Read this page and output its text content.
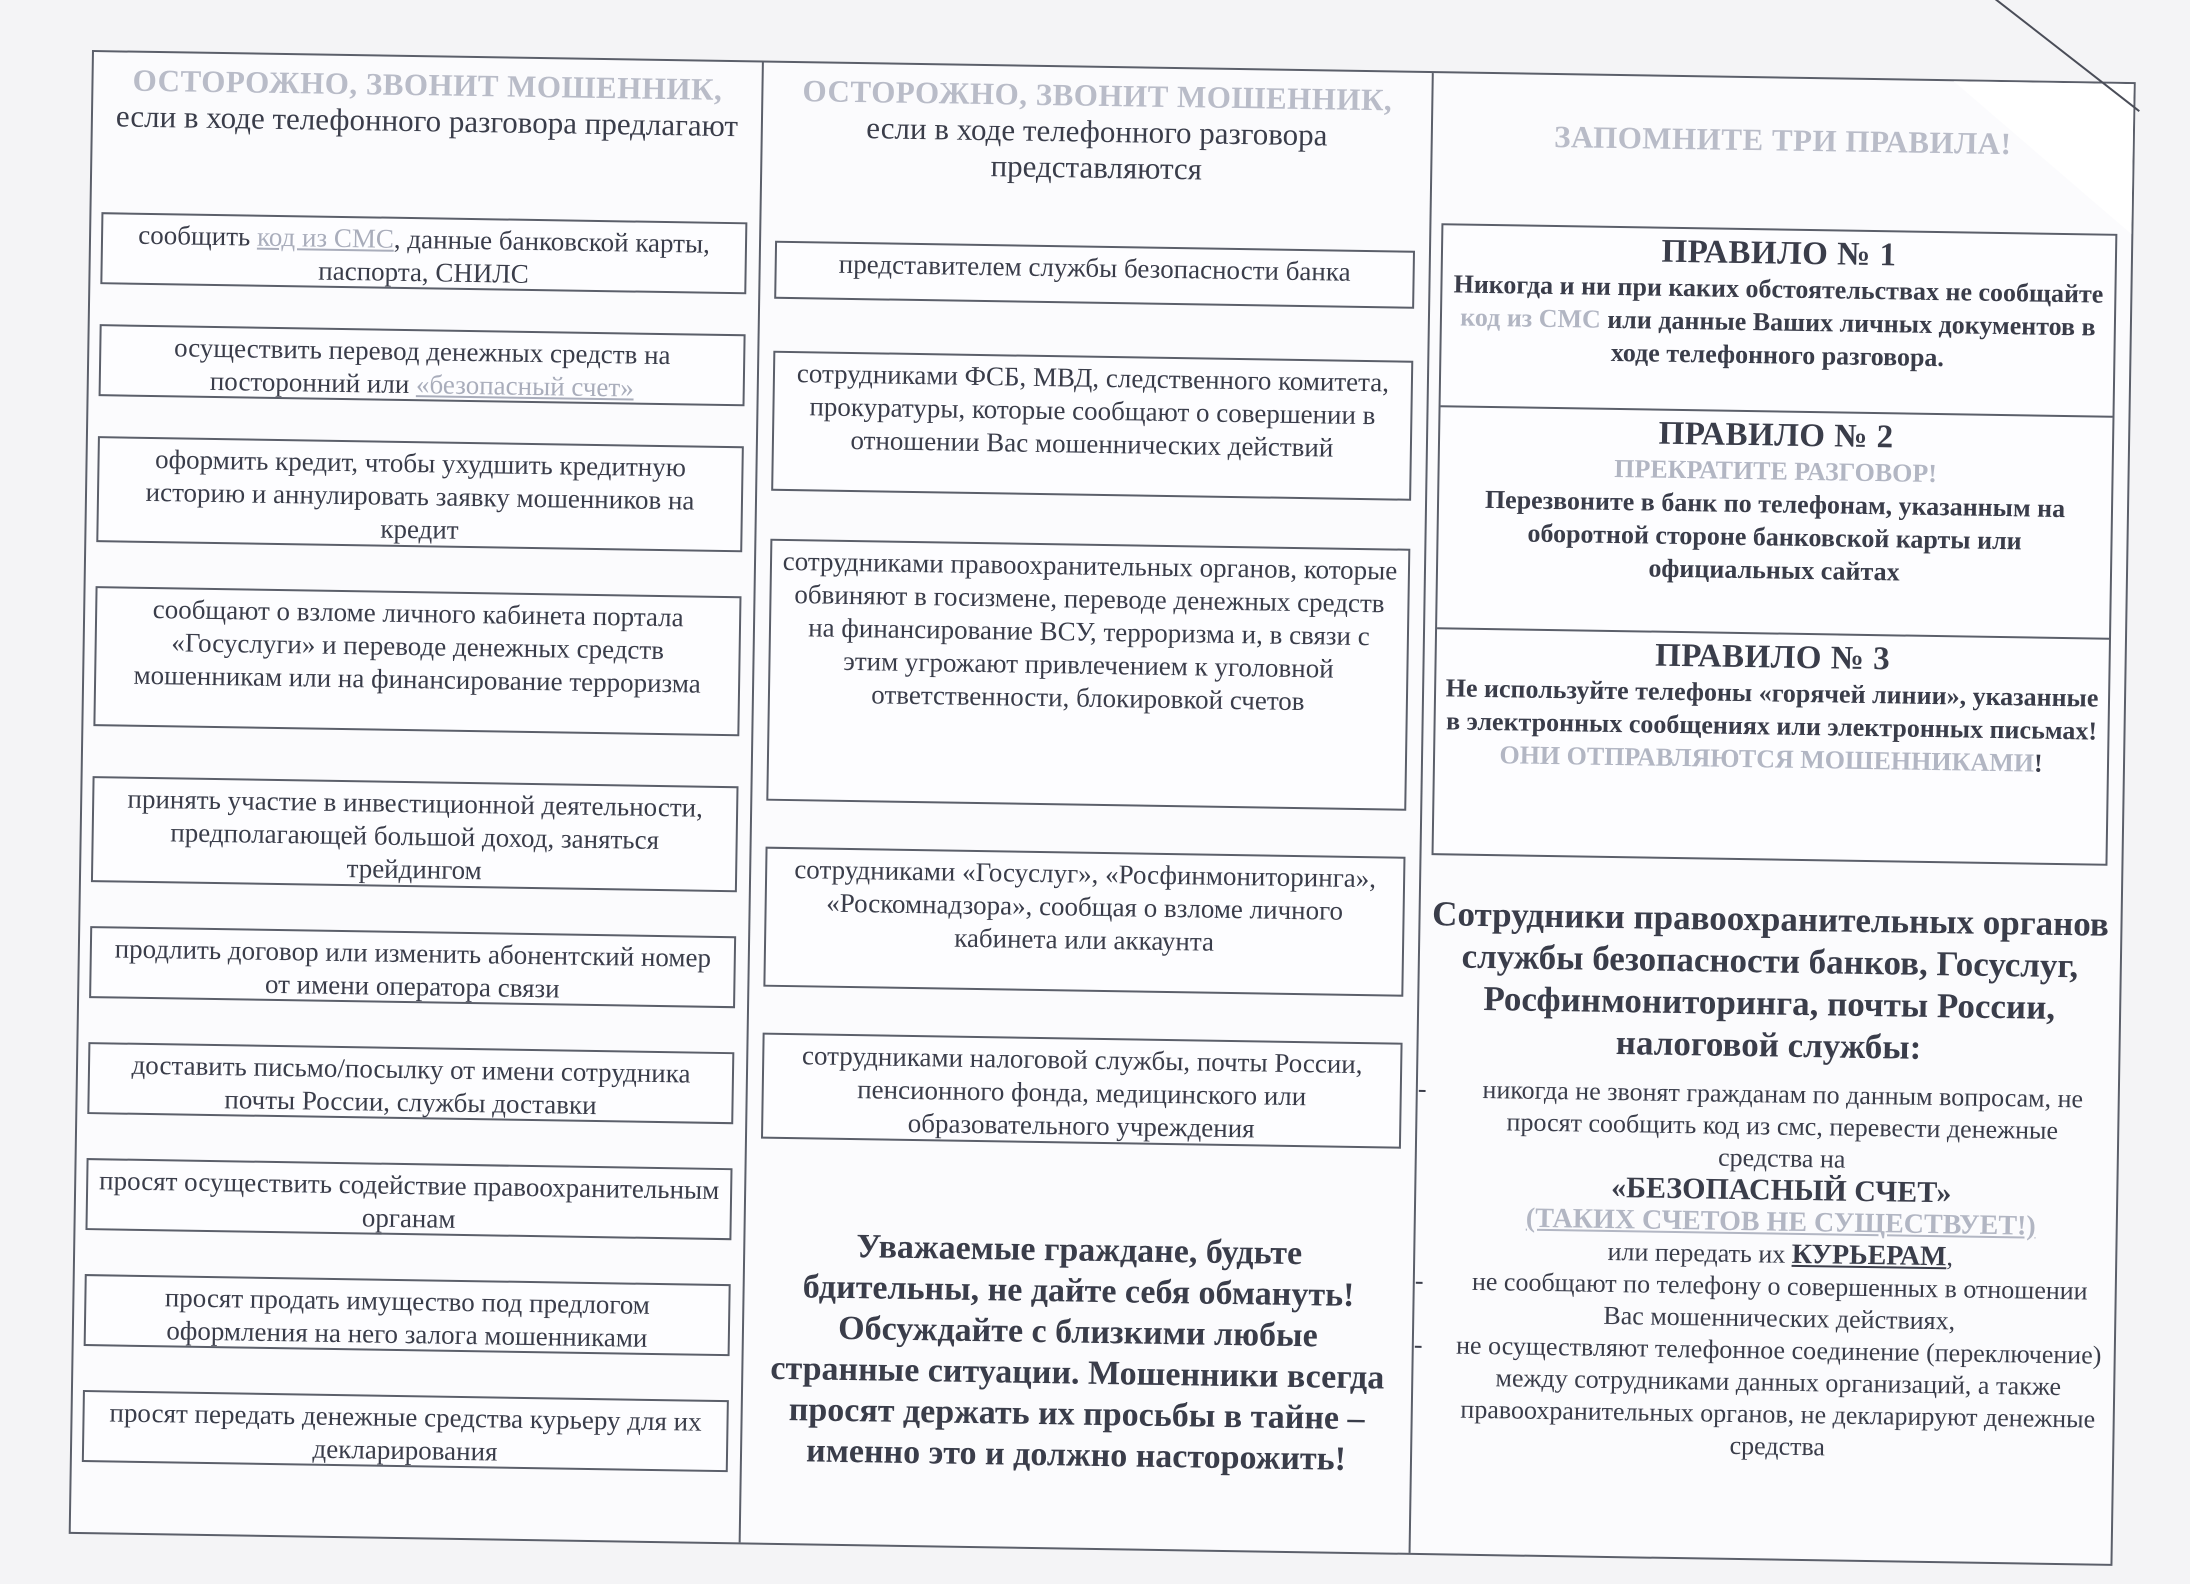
ОСТОРОЖНО, ЗВОНИТ МОШЕННИК,
если в ходе телефонного разговора предлагают
сообщить код из СМС, данные банковской карты, паспорта, СНИЛС
осуществить перевод денежных средств на посторонний или «безопасный счет»
оформить кредит, чтобы ухудшить кредитную историю и аннулировать заявку мошенников на кредит
сообщают о взломе личного кабинета портала «Госуслуги» и переводе денежных средств мошенникам или на финансирование терроризма
принять участие в инвестиционной деятельности, предполагающей большой доход, заняться трейдингом
продлить договор или изменить абонентский номер от имени оператора связи
доставить письмо/посылку от имени сотрудника почты России, службы доставки
просят осуществить содействие правоохранительным органам
просят продать имущество под предлогом оформления на него залога мошенниками
просят передать денежные средства курьеру для их декларирования
ОСТОРОЖНО, ЗВОНИТ МОШЕННИК,
если в ходе телефонного разговора представляются
представителем службы безопасности банка
сотрудниками ФСБ, МВД, следственного комитета, прокуратуры, которые сообщают о совершении в отношении Вас мошеннических действий
сотрудниками правоохранительных органов, которые обвиняют в госизмене, переводе денежных средств на финансирование ВСУ, терроризма и, в связи с этим угрожают привлечением к уголовной ответственности, блокировкой счетов
сотрудниками «Госуслуг», «Росфинмониторинга», «Роскомнадзора», сообщая о взломе личного кабинета или аккаунта
сотрудниками налоговой службы, почты России, пенсионного фонда, медицинского или образовательного учреждения
Уважаемые граждане, будьте бдительны, не дайте себя обмануть! Обсуждайте с близкими любые странные ситуации. Мошенники всегда просят держать их просьбы в тайне – именно это и должно насторожить!
ЗАПОМНИТЕ ТРИ ПРАВИЛА!
ПРАВИЛО № 1
Никогда и ни при каких обстоятельствах не сообщайте код из СМС или данные Ваших личных документов в ходе телефонного разговора.
ПРАВИЛО № 2
ПРЕКРАТИТЕ РАЗГОВОР!
Перезвоните в банк по телефонам, указанным на оборотной стороне банковской карты или официальных сайтах
ПРАВИЛО № 3
Не используйте телефоны «горячей линии», указанные в электронных сообщениях или электронных письмах!
ОНИ ОТПРАВЛЯЮТСЯ МОШЕННИКАМИ!
Сотрудники правоохранительных органов службы безопасности банков, Госуслуг, Росфинмониторинга, почты России, налоговой службы:
-	никогда не звонят гражданам по данным вопросам, не просят сообщить код из смс, перевести денежные средства на
«БЕЗОПАСНЫЙ СЧЕТ»
(ТАКИХ СЧЕТОВ НЕ СУЩЕСТВУЕТ!)
или передать их КУРЬЕРАМ,
-	не сообщают по телефону о совершенных в отношении Вас мошеннических действиях,
- не осуществляют телефонное соединение (переключение) между сотрудниками данных организаций, а также правоохранительных органов, не декларируют денежные средства
